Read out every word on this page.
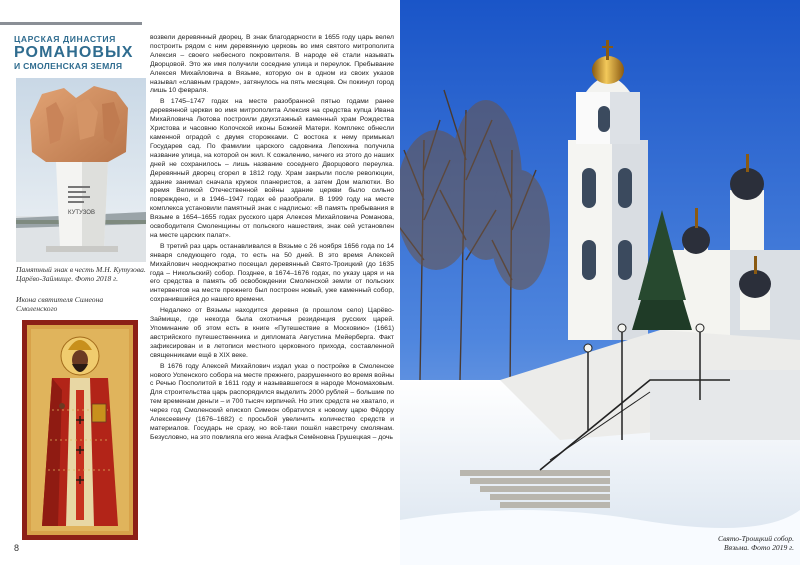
ЦАРСКАЯ ДИНАСТИЯ
РОМАНОВЫХ
И СМОЛЕНСКАЯ ЗЕМЛЯ
КУТУЗОВ
Памятный знак в честь М.Н. Кутузова. Царёво-Займище. Фото 2018 г.
Икона святителя Симеона Смоленского
8

возвели деревянный дворец. В знак благодарности в 1655 году царь велел построить рядом с ним деревянную церковь во имя святого митрополита Алексия – своего небесного покровителя. В народе её стали называть Дворцовой. Это же имя получили соседние улица и переулок. Пребывание Алексея Михайловича в Вязьме, которую он в одном из своих указов называл «славным градом», затянулось на пять месяцев. Он покинул город лишь 10 февраля.

В 1745–1747 годах на месте разобранной пятью годами ранее деревянной церкви во имя митрополита Алексия на средства купца Ивана Михайловича Лютова построили двухэтажный каменный храм Рождества Христова и часовню Колочской иконы Божией Матери. Комплекс обнесли каменной оградой с двумя сторожками. С востока к нему примыкал Государев сад. По фамилии царского садовника Лепохина получила название улица, на которой он жил. К сожалению, ничего из этого до наших дней не сохранилось – лишь название соседнего Дворцового переулка. Деревянный дворец сгорел в 1812 году. Храм закрыли после революции, здание занимал сначала кружок планеристов, а затем Дом малютки. Во время Великой Отечественной войны здание церкви было сильно повреждено, и в 1946–1947 годах её разобрали. В 1999 году на месте комплекса установили памятный знак с надписью: «В память пребывания в Вязьме в 1654–1655 годах русского царя Алексея Михайловича Романова, освободителя Смоленщины от польского нашествия, знак сей установлен на месте царских палат».

В третий раз царь останавливался в Вязьме с 26 ноября 1656 года по 14 января следующего года, то есть на 50 дней. В это время Алексей Михайлович неоднократно посещал деревянный Свято-Троицкий (до 1635 года – Никольский) собор. Позднее, в 1674–1676 годах, по указу царя и на его средства в память об освобождении Смоленской земли от польских интервентов на месте прежнего был построен новый, уже каменный собор, сохранившийся до нашего времени.

Недалеко от Вязьмы находится деревня (в прошлом село) Царёво-Займище, где некогда была охотничья резиденция русских царей. Упоминание об этом есть в книге «Путешествие в Московию» (1661) австрийского путешественника и дипломата Августина Мейерберга. Факт зафиксирован и в летописи местного церковного прихода, составленной священниками ещё в XIX веке.

В 1676 году Алексей Михайлович издал указ о постройке в Смоленске нового Успенского собора на месте прежнего, разрушенного во время войны с Речью Посполитой в 1611 году и называвшегося в народе Мономаховым. Для строительства царь распорядился выделить 2000 рублей – большие по тем временам деньги – и 700 тысяч кирпичей. Но этих средств не хватало, и через год Смоленский епископ Симеон обратился к новому царю Фёдору Алексеевичу (1676–1682) с просьбой увеличить количество средств и материалов. Государь не сразу, но всё-таки пошёл навстречу смолянам. Безусловно, на это повлияла его жена Агафья Семёновна Грушецкая – дочь

Свято-Троицкий собор. Вязьма. Фото 2019 г.
